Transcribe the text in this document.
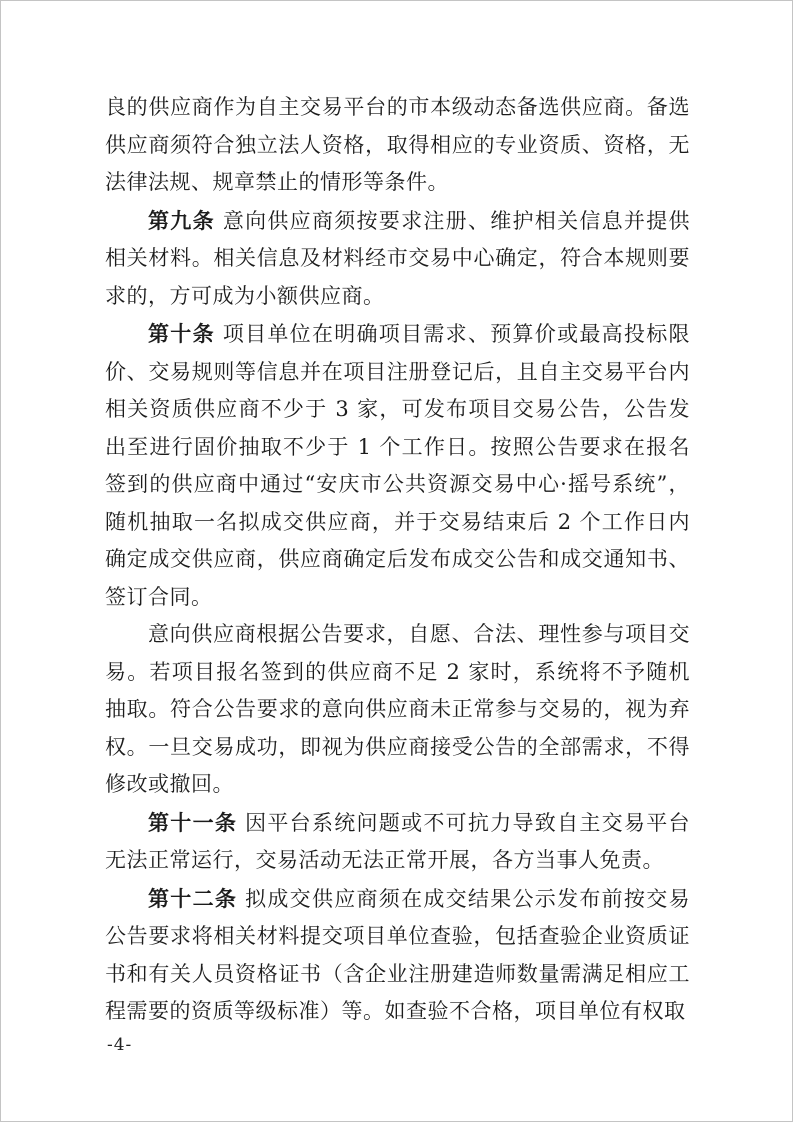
良的供应商作为自主交易平台的市本级动态备选供应商。备选供应商须符合独立法人资格，取得相应的专业资质、资格，无法律法规、规章禁止的情形等条件。

第九条 意向供应商须按要求注册、维护相关信息并提供相关材料。相关信息及材料经市交易中心确定，符合本规则要求的，方可成为小额供应商。

第十条 项目单位在明确项目需求、预算价或最高投标限价、交易规则等信息并在项目注册登记后，且自主交易平台内相关资质供应商不少于 3 家，可发布项目交易公告，公告发出至进行固价抽取不少于 1 个工作日。按照公告要求在报名签到的供应商中通过“安庆市公共资源交易中心·摇号系统”，随机抽取一名拟成交供应商，并于交易结束后 2 个工作日内确定成交供应商，供应商确定后发布成交公告和成交通知书、签订合同。

意向供应商根据公告要求，自愿、合法、理性参与项目交易。若项目报名签到的供应商不足 2 家时，系统将不予随机抽取。符合公告要求的意向供应商未正常参与交易的，视为弃权。一旦交易成功，即视为供应商接受公告的全部需求，不得修改或撤回。

第十一条 因平台系统问题或不可抗力导致自主交易平台无法正常运行，交易活动无法正常开展，各方当事人免责。

第十二条 拟成交供应商须在成交结果公示发布前按交易公告要求将相关材料提交项目单位查验，包括查验企业资质证书和有关人员资格证书（含企业注册建造师数量需满足相应工程需要的资质等级标准）等。如查验不合格，项目单位有权取

-4-
